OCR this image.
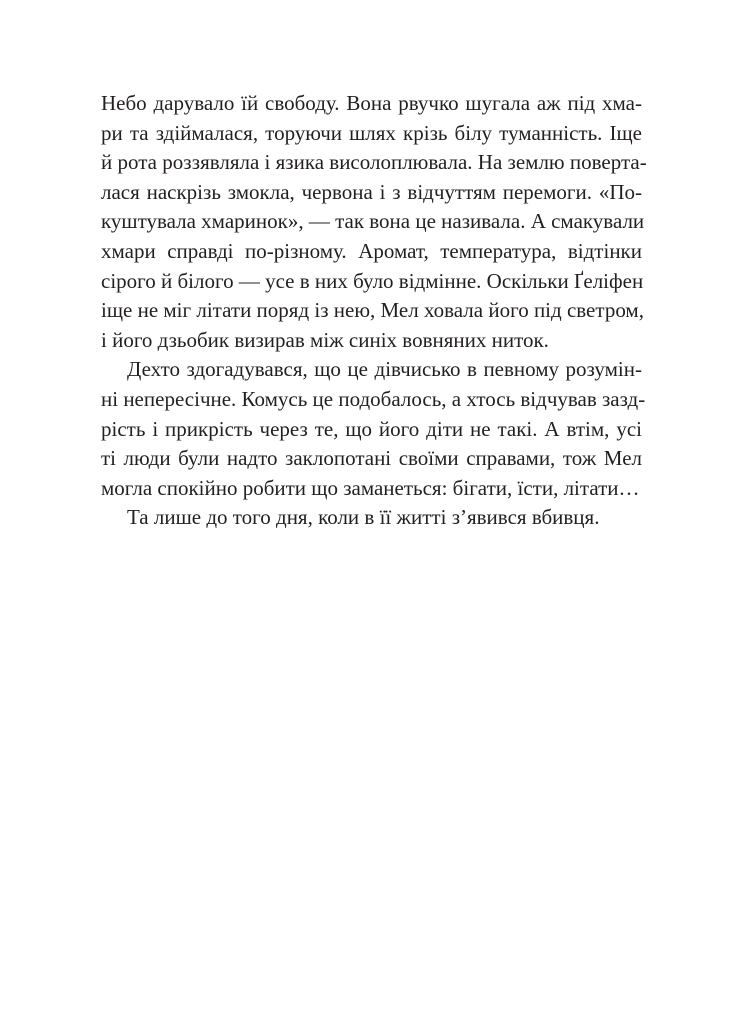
Небо дарувало їй свободу. Вона рвучко шугала аж під хма-
ри та здіймалася, торуючи шлях крізь білу туманність. Іще
й рота роззявляла і язика висолоплювала. На землю поверта-
лася наскрізь змокла, червона і з відчуттям перемоги. «По-
куштувала хмаринок», — так вона це називала. А смакували
хмари справді по-різному. Аромат, температура, відтінки
сірого й білого — усе в них було відмінне. Оскільки Ґеліфен
іще не міг літати поряд із нею, Мел ховала його під светром,
і його дзьобик визирав між синіх вовняних ниток.
Дехто здогадувався, що це дівчисько в певному розумін-
ні непересічне. Комусь це подобалось, а хтось відчував зазд-
рість і прикрість через те, що його діти не такі. А втім, усі
ті люди були надто заклопотані своїми справами, тож Мел
могла спокійно робити що заманеться: бігати, їсти, літати…
Та лише до того дня, коли в її житті з’явився вбивця.
